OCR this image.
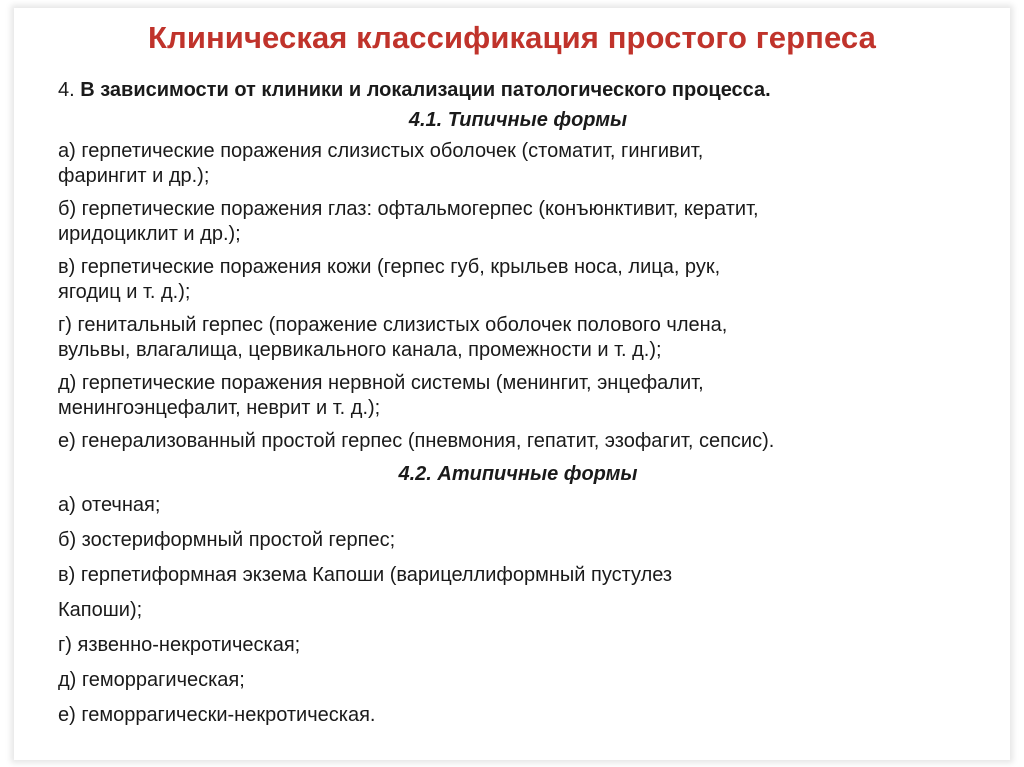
Клиническая классификация простого герпеса
4. В зависимости от клиники и локализации патологического процесса.
4.1. Типичные формы
а) герпетические поражения слизистых оболочек (стоматит, гингивит,
фарингит и др.);
б) герпетические поражения глаз: офтальмогерпес (конъюнктивит, кератит,
иридоциклит и др.);
в) герпетические поражения кожи (герпес губ, крыльев носа, лица, рук,
ягодиц и т. д.);
г) генитальный герпес (поражение слизистых оболочек полового члена,
вульвы, влагалища, цервикального канала, промежности и т. д.);
д) герпетические поражения нервной системы (менингит, энцефалит,
менингоэнцефалит, неврит и т. д.);
е) генерализованный простой герпес (пневмония, гепатит, эзофагит, сепсис).
4.2. Атипичные формы
а) отечная;
б) зостериформный простой герпес;
в) герпетиформная экзема Капоши (варицеллиформный пустулез
Капоши);
г) язвенно-некротическая;
д) геморрагическая;
е) геморрагически-некротическая.
